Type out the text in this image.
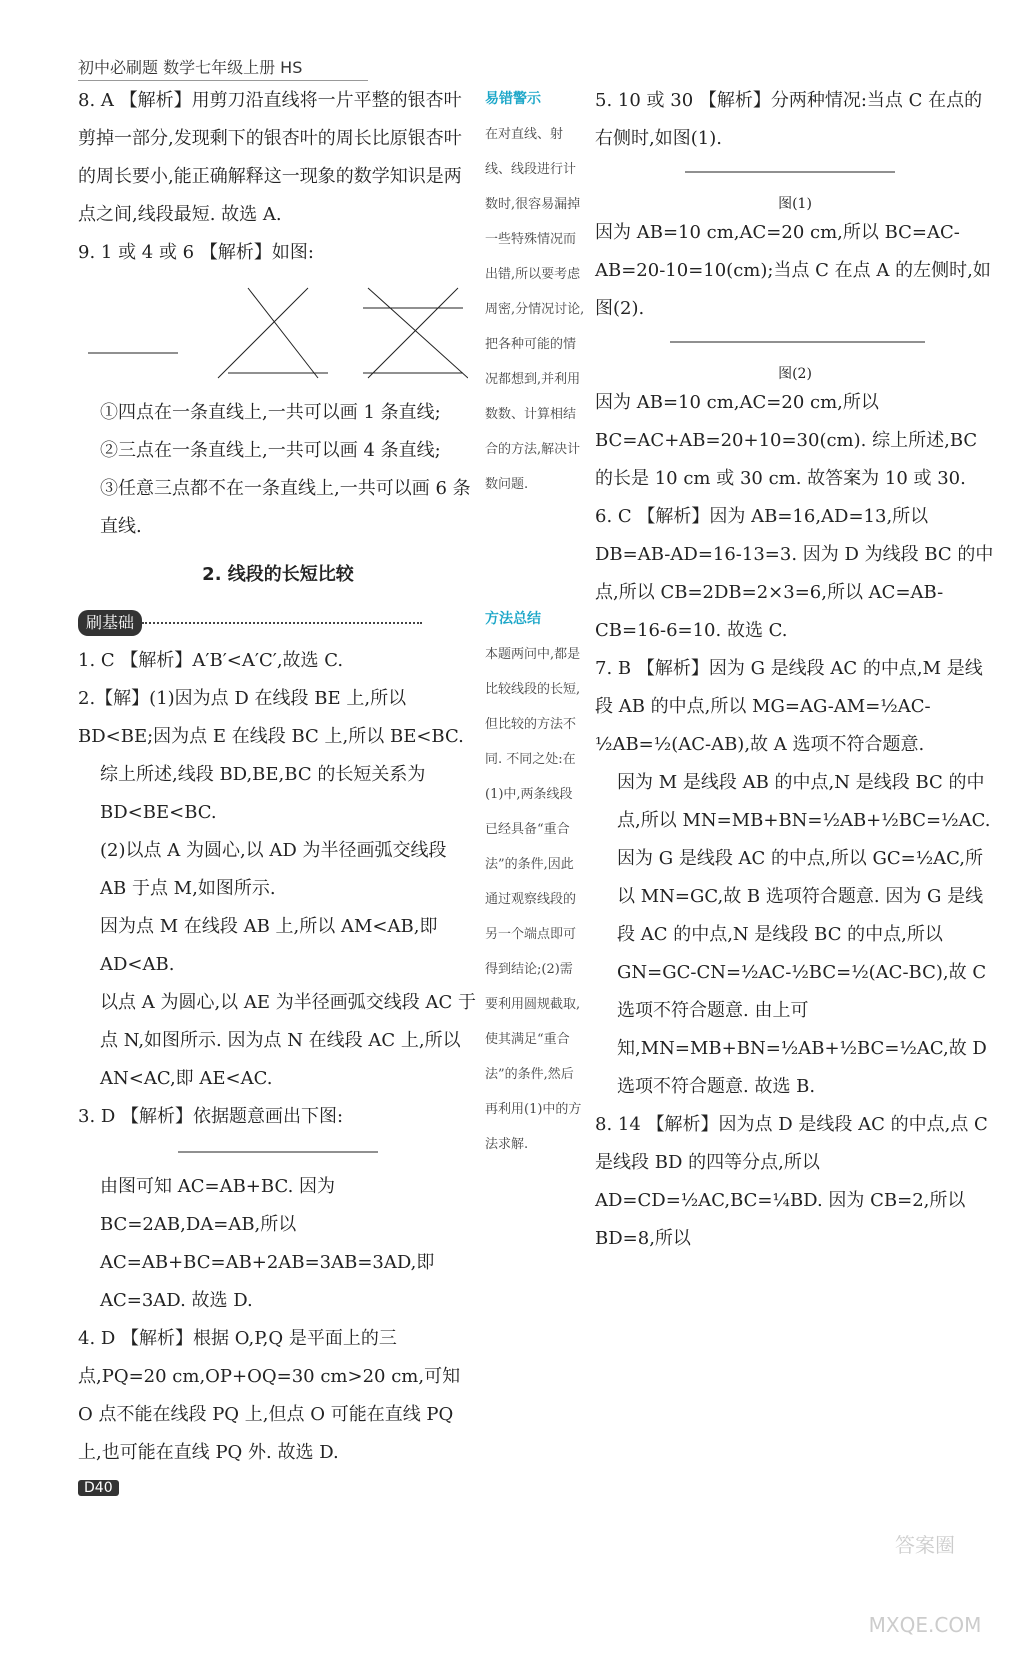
初中必刷题 数学七年级上册 HS

8. A 【解析】用剪刀沿直线将一片平整的银杏叶剪掉一部分,发现剩下的银杏叶的周长比原银杏叶的周长要小,能正确解释这一现象的数学知识是两点之间,线段最短. 故选 A.

9. 1 或 4 或 6 【解析】如图:

①四点在一条直线上,一共可以画 1 条直线;

②三点在一条直线上,一共可以画 4 条直线;

③任意三点都不在一条直线上,一共可以画 6 条直线.

2. 线段的长短比较
刷基础

1. C 【解析】A′B′<A′C′,故选 C.

2.【解】(1)因为点 D 在线段 BE 上,所以 BD<BE;因为点 E 在线段 BC 上,所以 BE<BC.

综上所述,线段 BD,BE,BC 的长短关系为 BD<BE<BC.

(2)以点 A 为圆心,以 AD 为半径画弧交线段 AB 于点 M,如图所示.

因为点 M 在线段 AB 上,所以 AM<AB,即 AD<AB.

以点 A 为圆心,以 AE 为半径画弧交线段 AC 于点 N,如图所示. 因为点 N 在线段 AC 上,所以 AN<AC,即 AE<AC.

3. D 【解析】依据题意画出下图:

由图可知 AC=AB+BC. 因为 BC=2AB,DA=AB,所以 AC=AB+BC=AB+2AB=3AB=3AD,即 AC=3AD. 故选 D.

4. D 【解析】根据 O,P,Q 是平面上的三点,PQ=20 cm,OP+OQ=30 cm>20 cm,可知 O 点不能在线段 PQ 上,但点 O 可能在直线 PQ 上,也可能在直线 PQ 外. 故选 D.

易错警示
在对直线、射线、线段进行计数时,很容易漏掉一些特殊情况而出错,所以要考虑周密,分情况讨论,把各种可能的情况都想到,并利用数数、计算相结合的方法,解决计数问题.
方法总结
本题两问中,都是比较线段的长短,但比较的方法不同. 不同之处:在(1)中,两条线段已经具备“重合法”的条件,因此通过观察线段的另一个端点即可得到结论;(2)需要利用圆规截取,使其满足“重合法”的条件,然后再利用(1)中的方法求解.

5. 10 或 30 【解析】分两种情况:当点 C 在点的右侧时,如图(1).

图(1)

因为 AB=10 cm,AC=20 cm,所以 BC=AC-AB=20-10=10(cm);当点 C 在点 A 的左侧时,如图(2).

图(2)

因为 AB=10 cm,AC=20 cm,所以 BC=AC+AB=20+10=30(cm). 综上所述,BC 的长是 10 cm 或 30 cm. 故答案为 10 或 30.

6. C 【解析】因为 AB=16,AD=13,所以 DB=AB-AD=16-13=3. 因为 D 为线段 BC 的中点,所以 CB=2DB=2×3=6,所以 AC=AB-CB=16-6=10. 故选 C.

7. B 【解析】因为 G 是线段 AC 的中点,M 是线段 AB 的中点,所以 MG=AG-AM=½AC-½AB=½(AC-AB),故 A 选项不符合题意.

因为 M 是线段 AB 的中点,N 是线段 BC 的中点,所以 MN=MB+BN=½AB+½BC=½AC.

因为 G 是线段 AC 的中点,所以 GC=½AC,所以 MN=GC,故 B 选项符合题意. 因为 G 是线段 AC 的中点,N 是线段 BC 的中点,所以 GN=GC-CN=½AC-½BC=½(AC-BC),故 C 选项不符合题意. 由上可知,MN=MB+BN=½AB+½BC=½AC,故 D 选项不符合题意. 故选 B.

8. 14 【解析】因为点 D 是线段 AC 的中点,点 C 是线段 BD 的四等分点,所以 AD=CD=½AC,BC=¼BD. 因为 CB=2,所以 BD=8,所以

D40
答案圈 MXQE.COM
